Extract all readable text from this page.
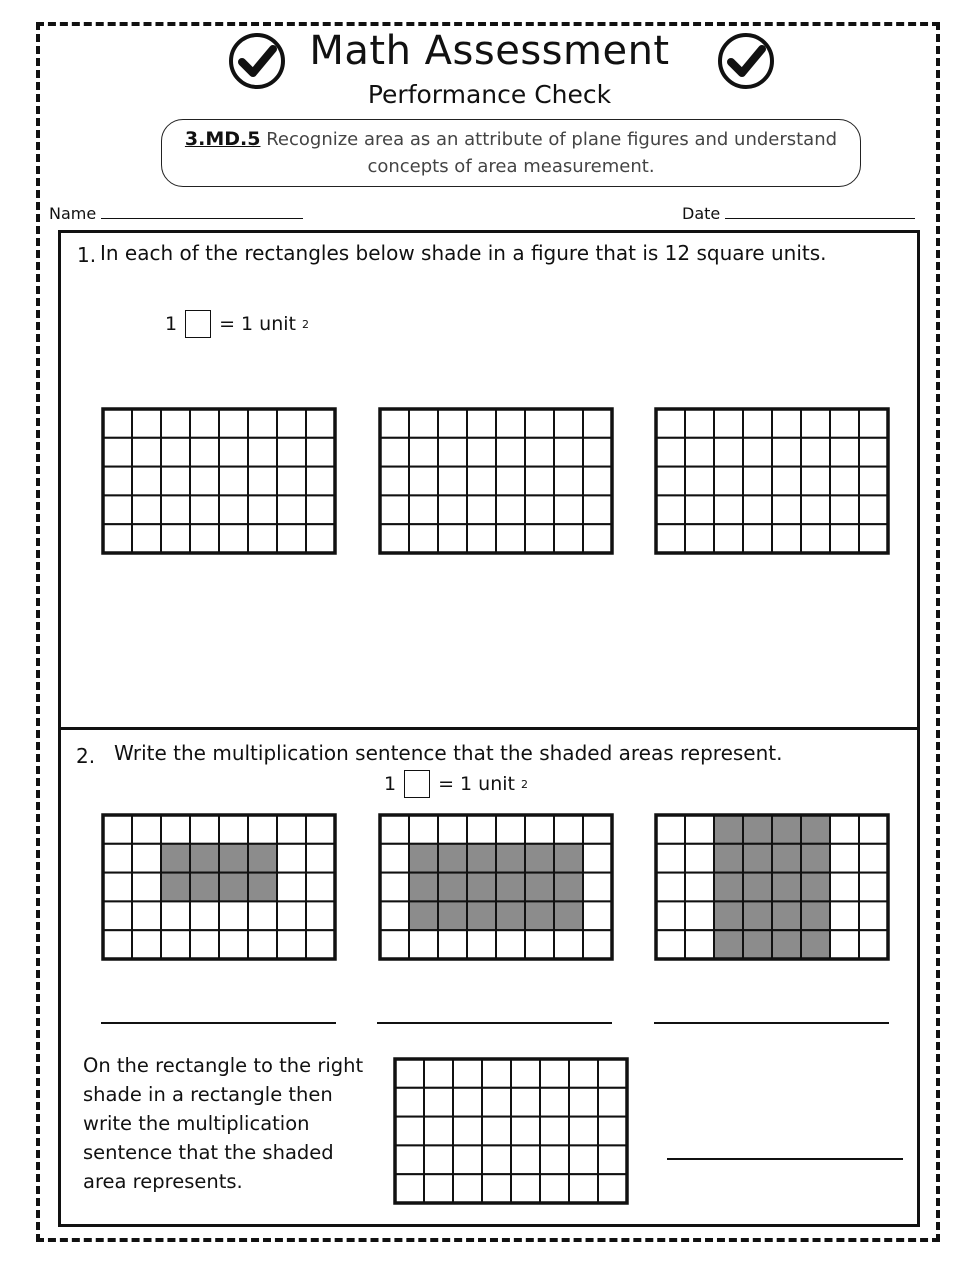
Math Assessment
Performance Check
3.MD.5 Recognize area as an attribute of plane figures and understand concepts of area measurement.
Name	Date
1. In each of the rectangles below shade in a figure that is 12 square units.
1 = 1 unit 2
2. Write the multiplication sentence that the shaded areas represent.
1 = 1 unit 2
On the rectangle to the right shade in a rectangle then write the multiplication sentence that the shaded area represents.
